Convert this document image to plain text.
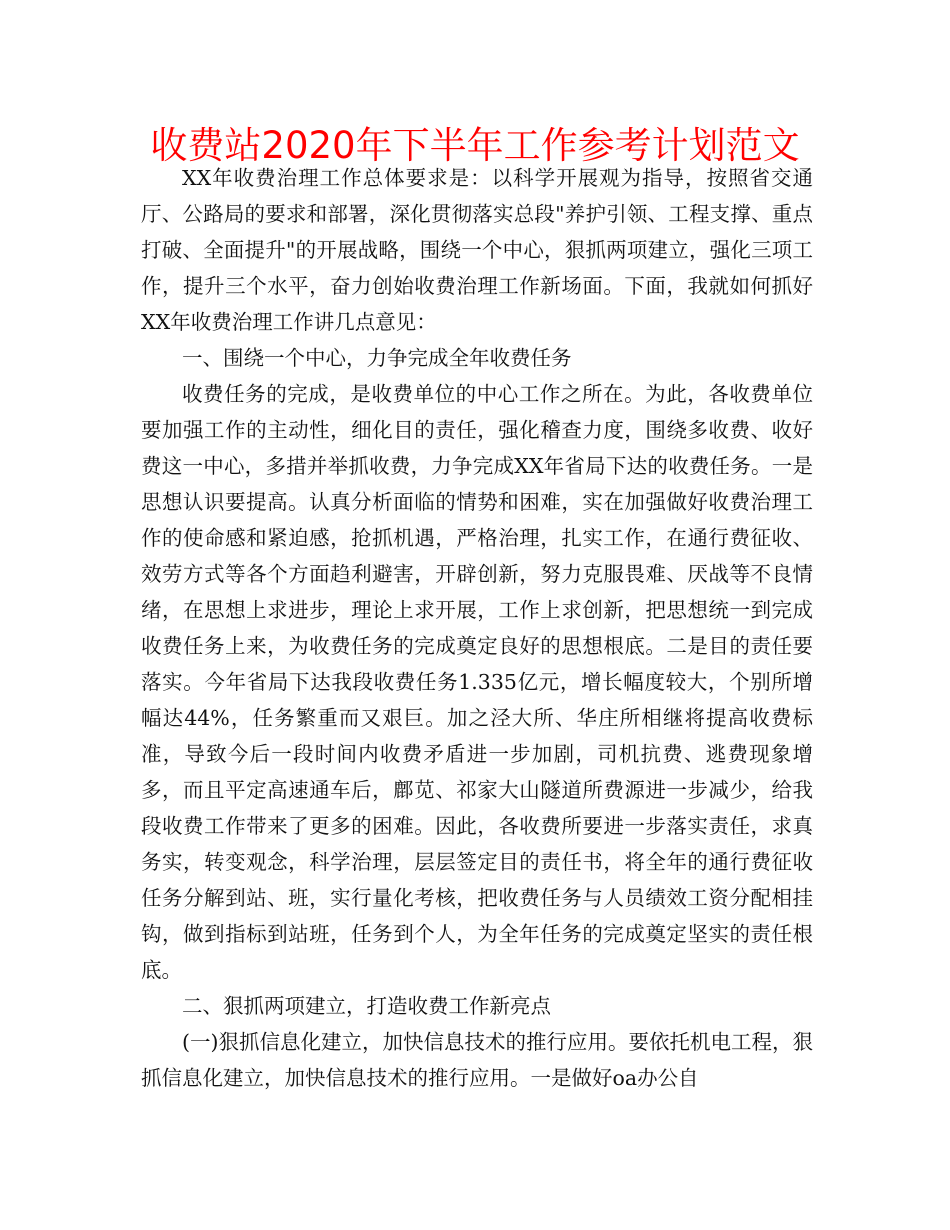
收费站2020年下半年工作参考计划范文

XX年收费治理工作总体要求是：以科学开展观为指导，按照省交通厅、公路局的要求和部署，深化贯彻落实总段"养护引领、工程支撑、重点打破、全面提升"的开展战略，围绕一个中心，狠抓两项建立，强化三项工作，提升三个水平，奋力创始收费治理工作新场面。下面，我就如何抓好XX年收费治理工作讲几点意见：

一、围绕一个中心，力争完成全年收费任务

收费任务的完成，是收费单位的中心工作之所在。为此，各收费单位要加强工作的主动性，细化目的责任，强化稽查力度，围绕多收费、收好费这一中心，多措并举抓收费，力争完成XX年省局下达的收费任务。一是思想认识要提高。认真分析面临的情势和困难，实在加强做好收费治理工作的使命感和紧迫感，抢抓机遇，严格治理，扎实工作，在通行费征收、效劳方式等各个方面趋利避害，开辟创新，努力克服畏难、厌战等不良情绪，在思想上求进步，理论上求开展，工作上求创新，把思想统一到完成收费任务上来，为收费任务的完成奠定良好的思想根底。二是目的责任要落实。今年省局下达我段收费任务1.335亿元，增长幅度较大，个别所增幅达44%，任务繁重而又艰巨。加之泾大所、华庄所相继将提高收费标准，导致今后一段时间内收费矛盾进一步加剧，司机抗费、逃费现象增多，而且平定高速通车后，鄜苋、祁家大山隧道所费源进一步减少，给我段收费工作带来了更多的困难。因此，各收费所要进一步落实责任，求真务实，转变观念，科学治理，层层签定目的责任书，将全年的通行费征收任务分解到站、班，实行量化考核，把收费任务与人员绩效工资分配相挂钩，做到指标到站班，任务到个人，为全年任务的完成奠定坚实的责任根底。

二、狠抓两项建立，打造收费工作新亮点

(一)狠抓信息化建立，加快信息技术的推行应用。要依托机电工程，狠抓信息化建立，加快信息技术的推行应用。一是做好oa办公自
